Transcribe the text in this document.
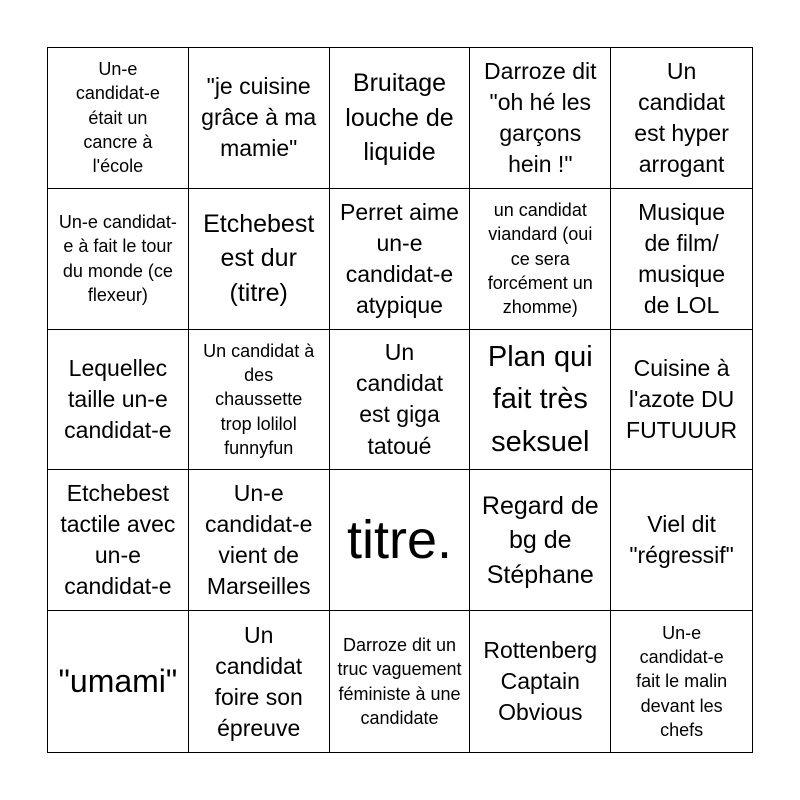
Un-e candidat-e était un cancre à l'école
"je cuisine grâce à ma mamie"
Bruitage louche de liquide
Darroze dit "oh hé les garçons hein !"
Un candidat est hyper arrogant
Un-e candidat-e à fait le tour du monde (ce flexeur)
Etchebest est dur (titre)
Perret aime un-e candidat-e atypique
un candidat viandard (oui ce sera forcément un zhomme)
Musique de film/ musique de LOL
Lequellec taille un-e candidat-e
Un candidat à des chaussette trop lolilol funnyfun
Un candidat est giga tatoué
Plan qui fait très seksuel
Cuisine à l'azote DU FUTUUUR
Etchebest tactile avec un-e candidat-e
Un-e candidat-e vient de Marseilles
titre.
Regard de bg de Stéphane
Viel dit "régressif"
"umami"
Un candidat foire son épreuve
Darroze dit un truc vaguement féministe à une candidate
Rottenberg Captain Obvious
Un-e candidat-e fait le malin devant les chefs
